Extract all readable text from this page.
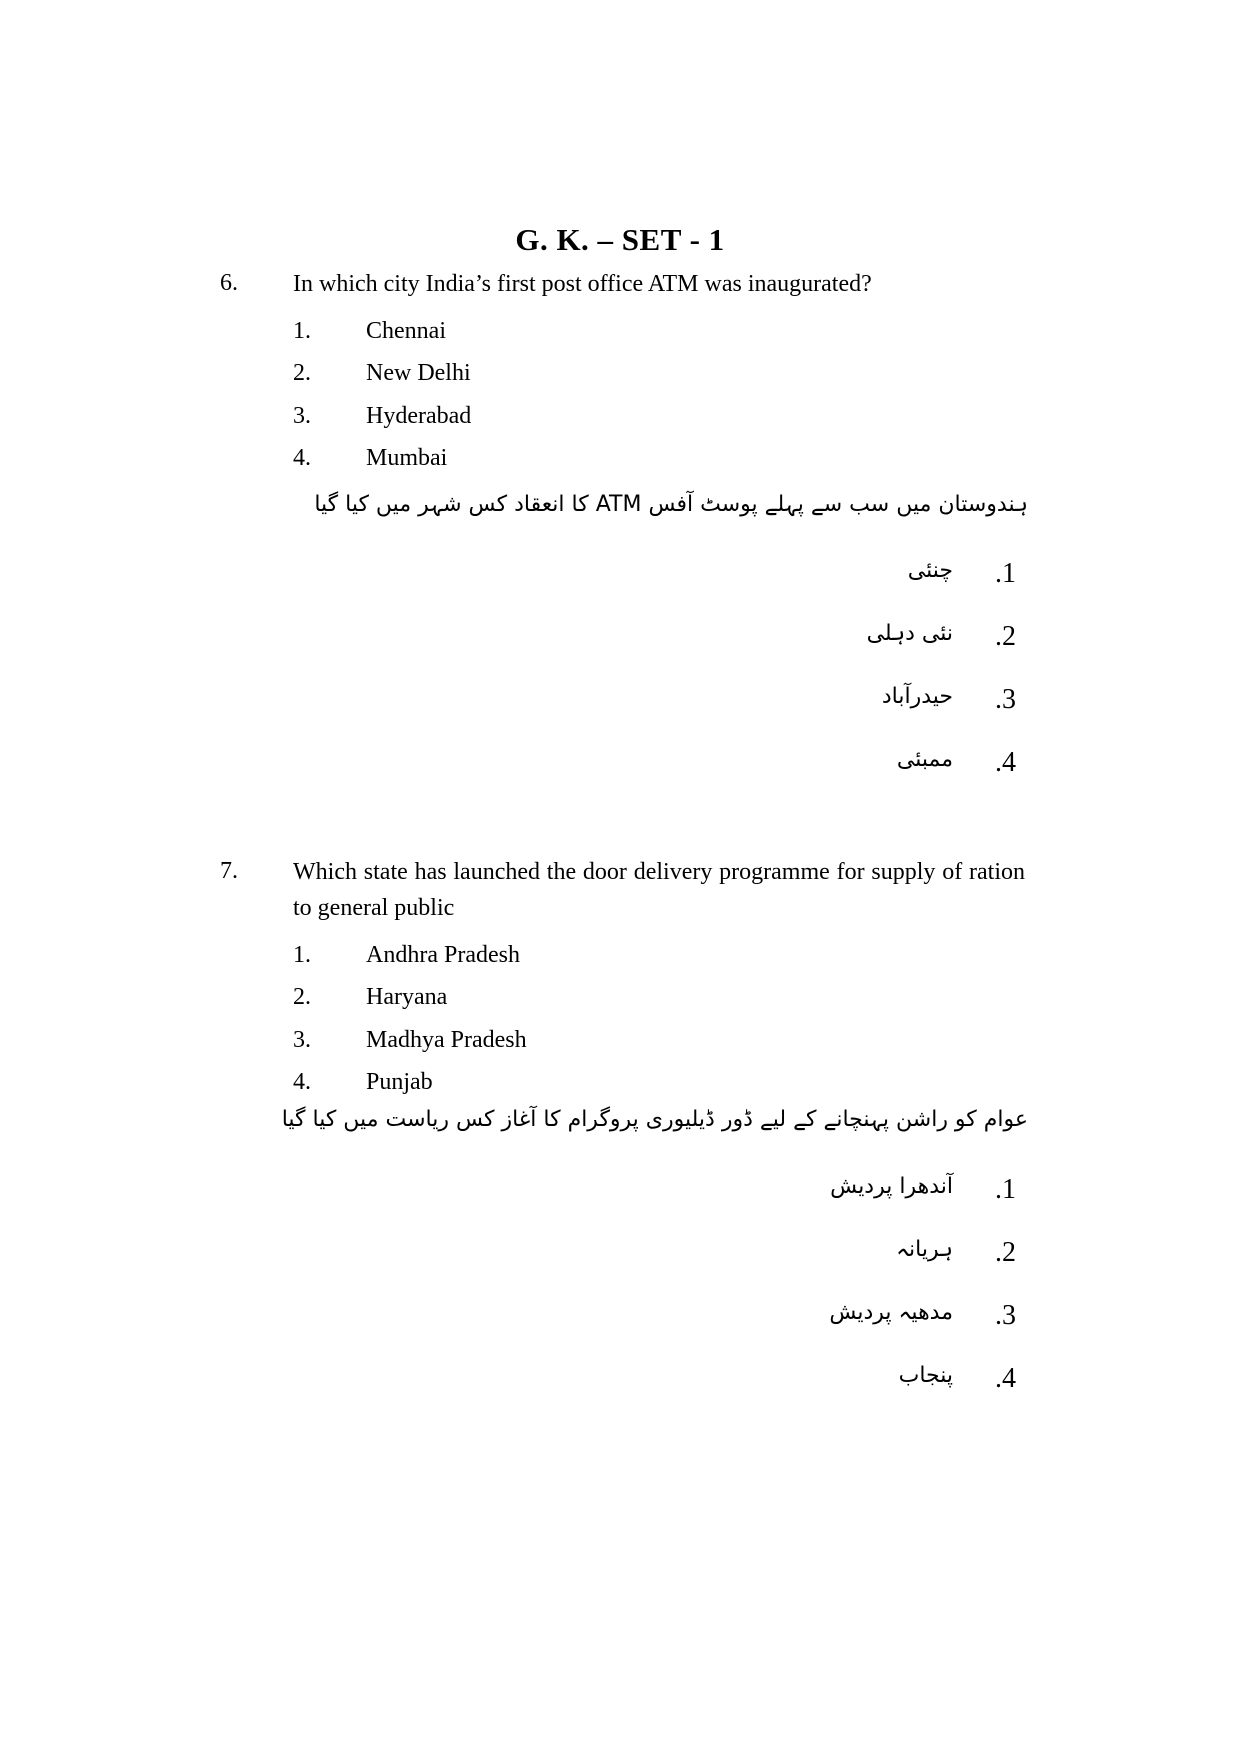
G. K. – SET - 1
6. In which city India’s first post office ATM was inaugurated?
1. Chennai
2. New Delhi
3. Hyderabad
4. Mumbai
ہندوستان میں سب سے پہلے پوسٹ آفس ATM کا انعقاد کس شہر میں کیا گیا
.1
چنئی
.2
نئی دہلی
.3
حیدرآباد
.4
ممبئی
7. Which state has launched the door delivery programme for supply of ration to general public
1. Andhra Pradesh
2. Haryana
3. Madhya Pradesh
4. Punjab
عوام کو راشن پہنچانے کے لیے ڈور ڈیلیوری پروگرام کا آغاز کس ریاست میں کیا گیا
.1
آندھرا پردیش
.2
ہریانہ
.3
مدھیہ پردیش
.4
پنجاب
